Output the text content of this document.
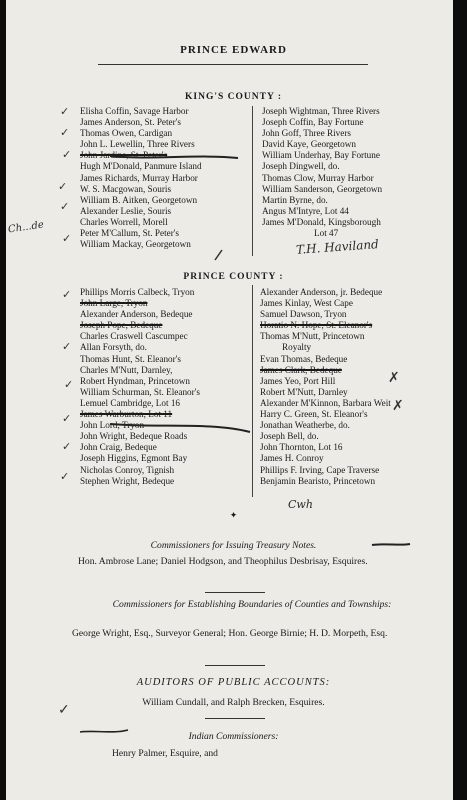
PRINCE EDWARD
KING'S COUNTY :
Elisha Coffin, Savage Harbor
James Anderson, St. Peter's
Thomas Owen, Cardigan
John L. Lewellin, Three Rivers
John Jardine, St. Peter's
Hugh M'Donald, Panmure Island
James Richards, Murray Harbor
W. S. Macgowan, Souris
William B. Aitken, Georgetown
Alexander Leslie, Souris
Charles Worrell, Morell
Peter M'Callum, St. Peter's
William Mackay, Georgetown
Joseph Wightman, Three Rivers
Joseph Coffin, Bay Fortune
John Goff, Three Rivers
David Kaye, Georgetown
William Underhay, Bay Fortune
Joseph Dingwell, do.
Thomas Clow, Murray Harbor
William Sanderson, Georgetown
Martin Byrne, do.
Angus M'Intyre, Lot 44
James M'Donald, Kingsborough
Lot 47
PRINCE COUNTY :
Phillips Morris Calbeck, Tryon
John Large, Tryon
Alexander Anderson, Bedeque
Joseph Pope, Bedeque
Charles Craswell Cascumpec
Allan Forsyth, do.
Thomas Hunt, St. Eleanor's
Charles M'Nutt, Darnley,
Robert Hyndman, Princetown
William Schurman, St. Eleanor's
Lemuel Cambridge, Lot 16
James Warburton, Lot 11
John Lord, Tryon
John Wright, Bedeque Roads
John Craig, Bedeque
Joseph Higgins, Egmont Bay
Nicholas Conroy, Tignish
Stephen Wright, Bedeque
Alexander Anderson, jr. Bedeque
James Kinlay, West Cape
Samuel Dawson, Tryon
Horatio N. Hope, St. Eleanor's
Thomas M'Nutt, Princetown
Royalty
Evan Thomas, Bedeque
James Clark, Bedeque
James Yeo, Port Hill
Robert M'Nutt, Darnley
Alexander M'Kinnon, Barbara Weit
Harry C. Green, St. Eleanor's
Jonathan Weatherbe, do.
Joseph Bell, do.
John Thornton, Lot 16
James H. Conroy
Phillips F. Irving, Cape Traverse
Benjamin Bearisto, Princetown
✦
Commissioners for Issuing Treasury Notes.
Hon. Ambrose Lane; Daniel Hodgson, and Theophilus Desbrisay, Esquires.
Commissioners for Establishing Boundaries of Counties and Townships:
George Wright, Esq., Surveyor General; Hon. George Birnie; H. D. Morpeth, Esq.
AUDITORS OF PUBLIC ACCOUNTS:
William Cundall, and Ralph Brecken, Esquires.
Indian Commissioners:
Henry Palmer, Esquire, and
Ch...de
T.H. Haviland
Cwh
✓
✓
✓
✓
✓
✓
✓
✓
✓
✓
✓
✓
✓
✗
✗
